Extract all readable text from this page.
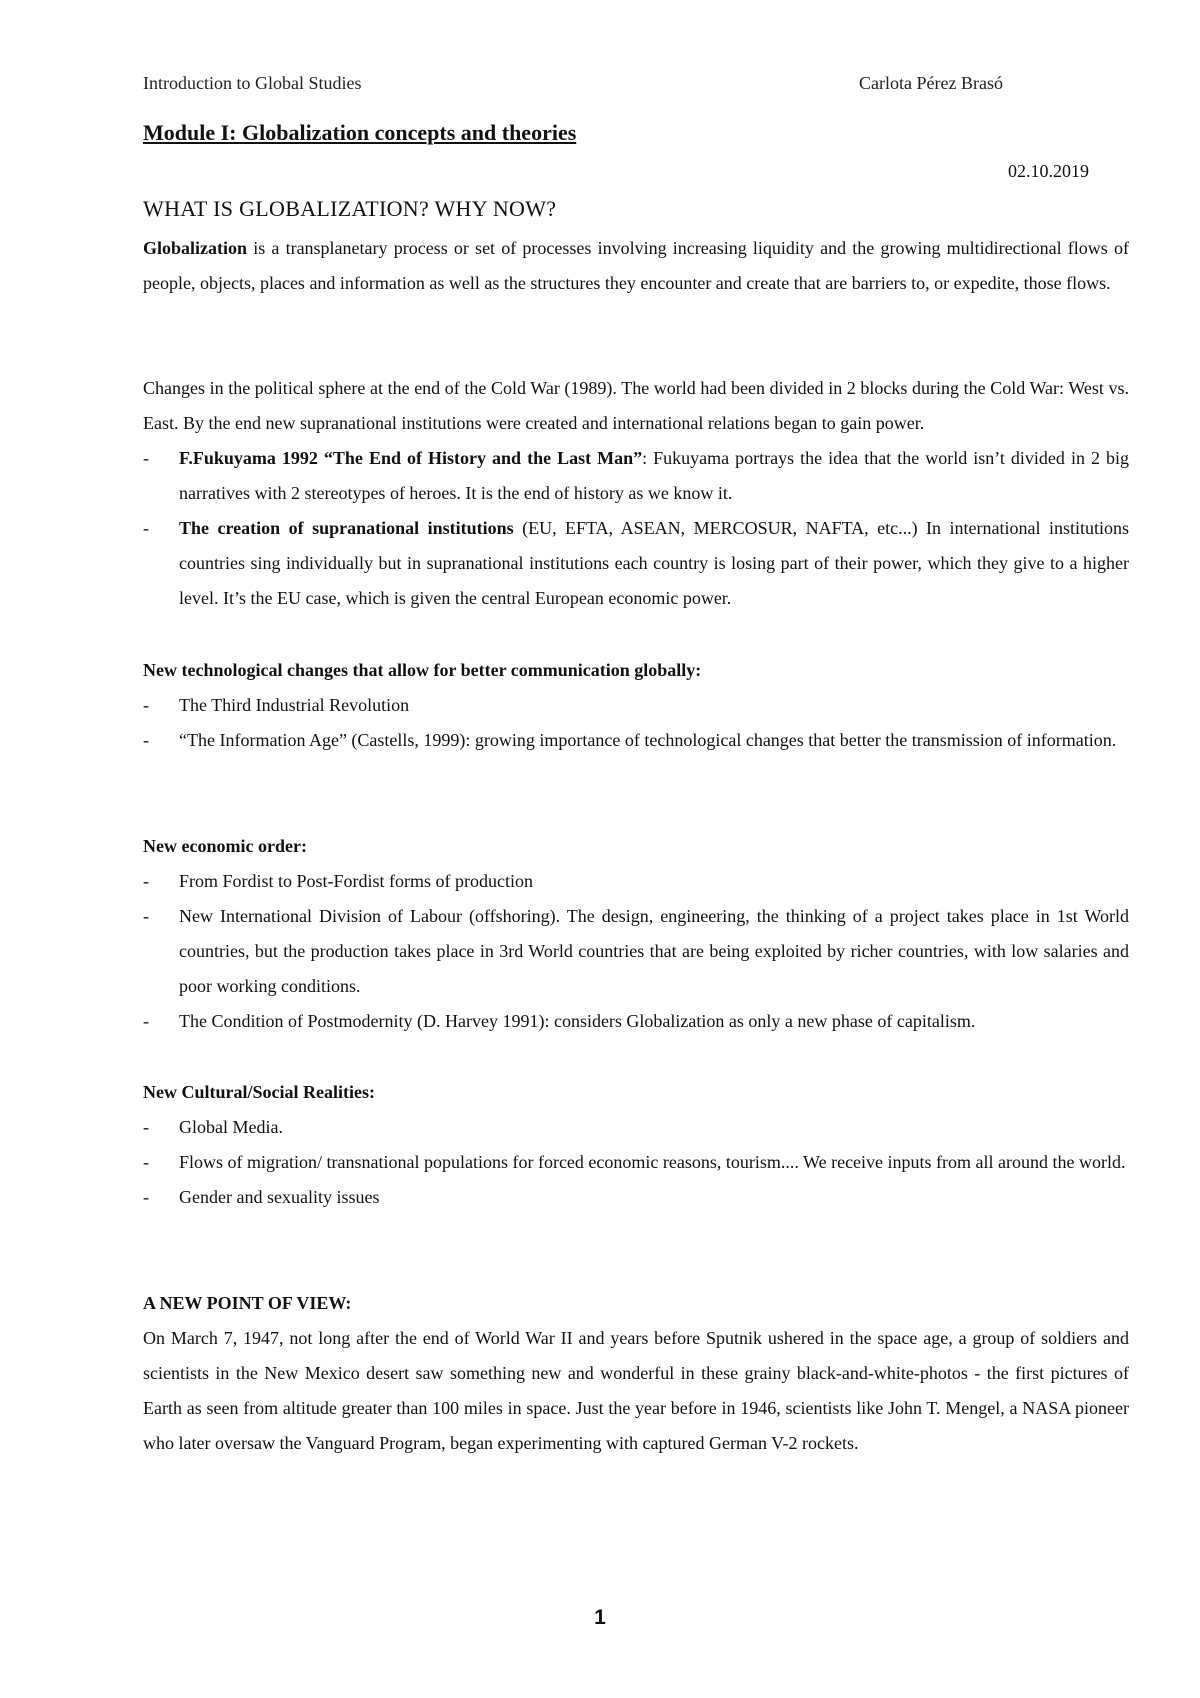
Introduction to Global Studies	Carlota Pérez Brasó
Module I: Globalization concepts and theories
02.10.2019
WHAT IS GLOBALIZATION? WHY NOW?

Globalization is a transplanetary process or set of processes involving increasing liquidity and the growing multidirectional flows of people, objects, places and information as well as the structures they encounter and create that are barriers to, or expedite, those flows.

Changes in the political sphere at the end of the Cold War (1989). The world had been divided in 2 blocks during the Cold War: West vs. East. By the end new supranational institutions were created and international relations began to gain power.
- F.Fukuyama 1992 “The End of History and the Last Man”: Fukuyama portrays the idea that the world isn’t divided in 2 big narratives with 2 stereotypes of heroes. It is the end of history as we know it.
- The creation of supranational institutions (EU, EFTA, ASEAN, MERCOSUR, NAFTA, etc...) In international institutions countries sing individually but in supranational institutions each country is losing part of their power, which they give to a higher level. It’s the EU case, which is given the central European economic power.
New technological changes that allow for better communication globally:
- The Third Industrial Revolution
- “The Information Age” (Castells, 1999): growing importance of technological changes that better the transmission of information.
New economic order:
- From Fordist to Post-Fordist forms of production
- New International Division of Labour (offshoring). The design, engineering, the thinking of a project takes place in 1st World countries, but the production takes place in 3rd World countries that are being exploited by richer countries, with low salaries and poor working conditions.
- The Condition of Postmodernity (D. Harvey 1991): considers Globalization as only a new phase of capitalism.
New Cultural/Social Realities:
- Global Media.
- Flows of migration/ transnational populations for forced economic reasons, tourism.... We receive inputs from all around the world.
- Gender and sexuality issues
A NEW POINT OF VIEW:
On March 7, 1947, not long after the end of World War II and years before Sputnik ushered in the space age, a group of soldiers and scientists in the New Mexico desert saw something new and wonderful in these grainy black-and-white-photos - the first pictures of Earth as seen from altitude greater than 100 miles in space. Just the year before in 1946, scientists like John T. Mengel, a NASA pioneer who later oversaw the Vanguard Program, began experimenting with captured German V-2 rockets.
1
